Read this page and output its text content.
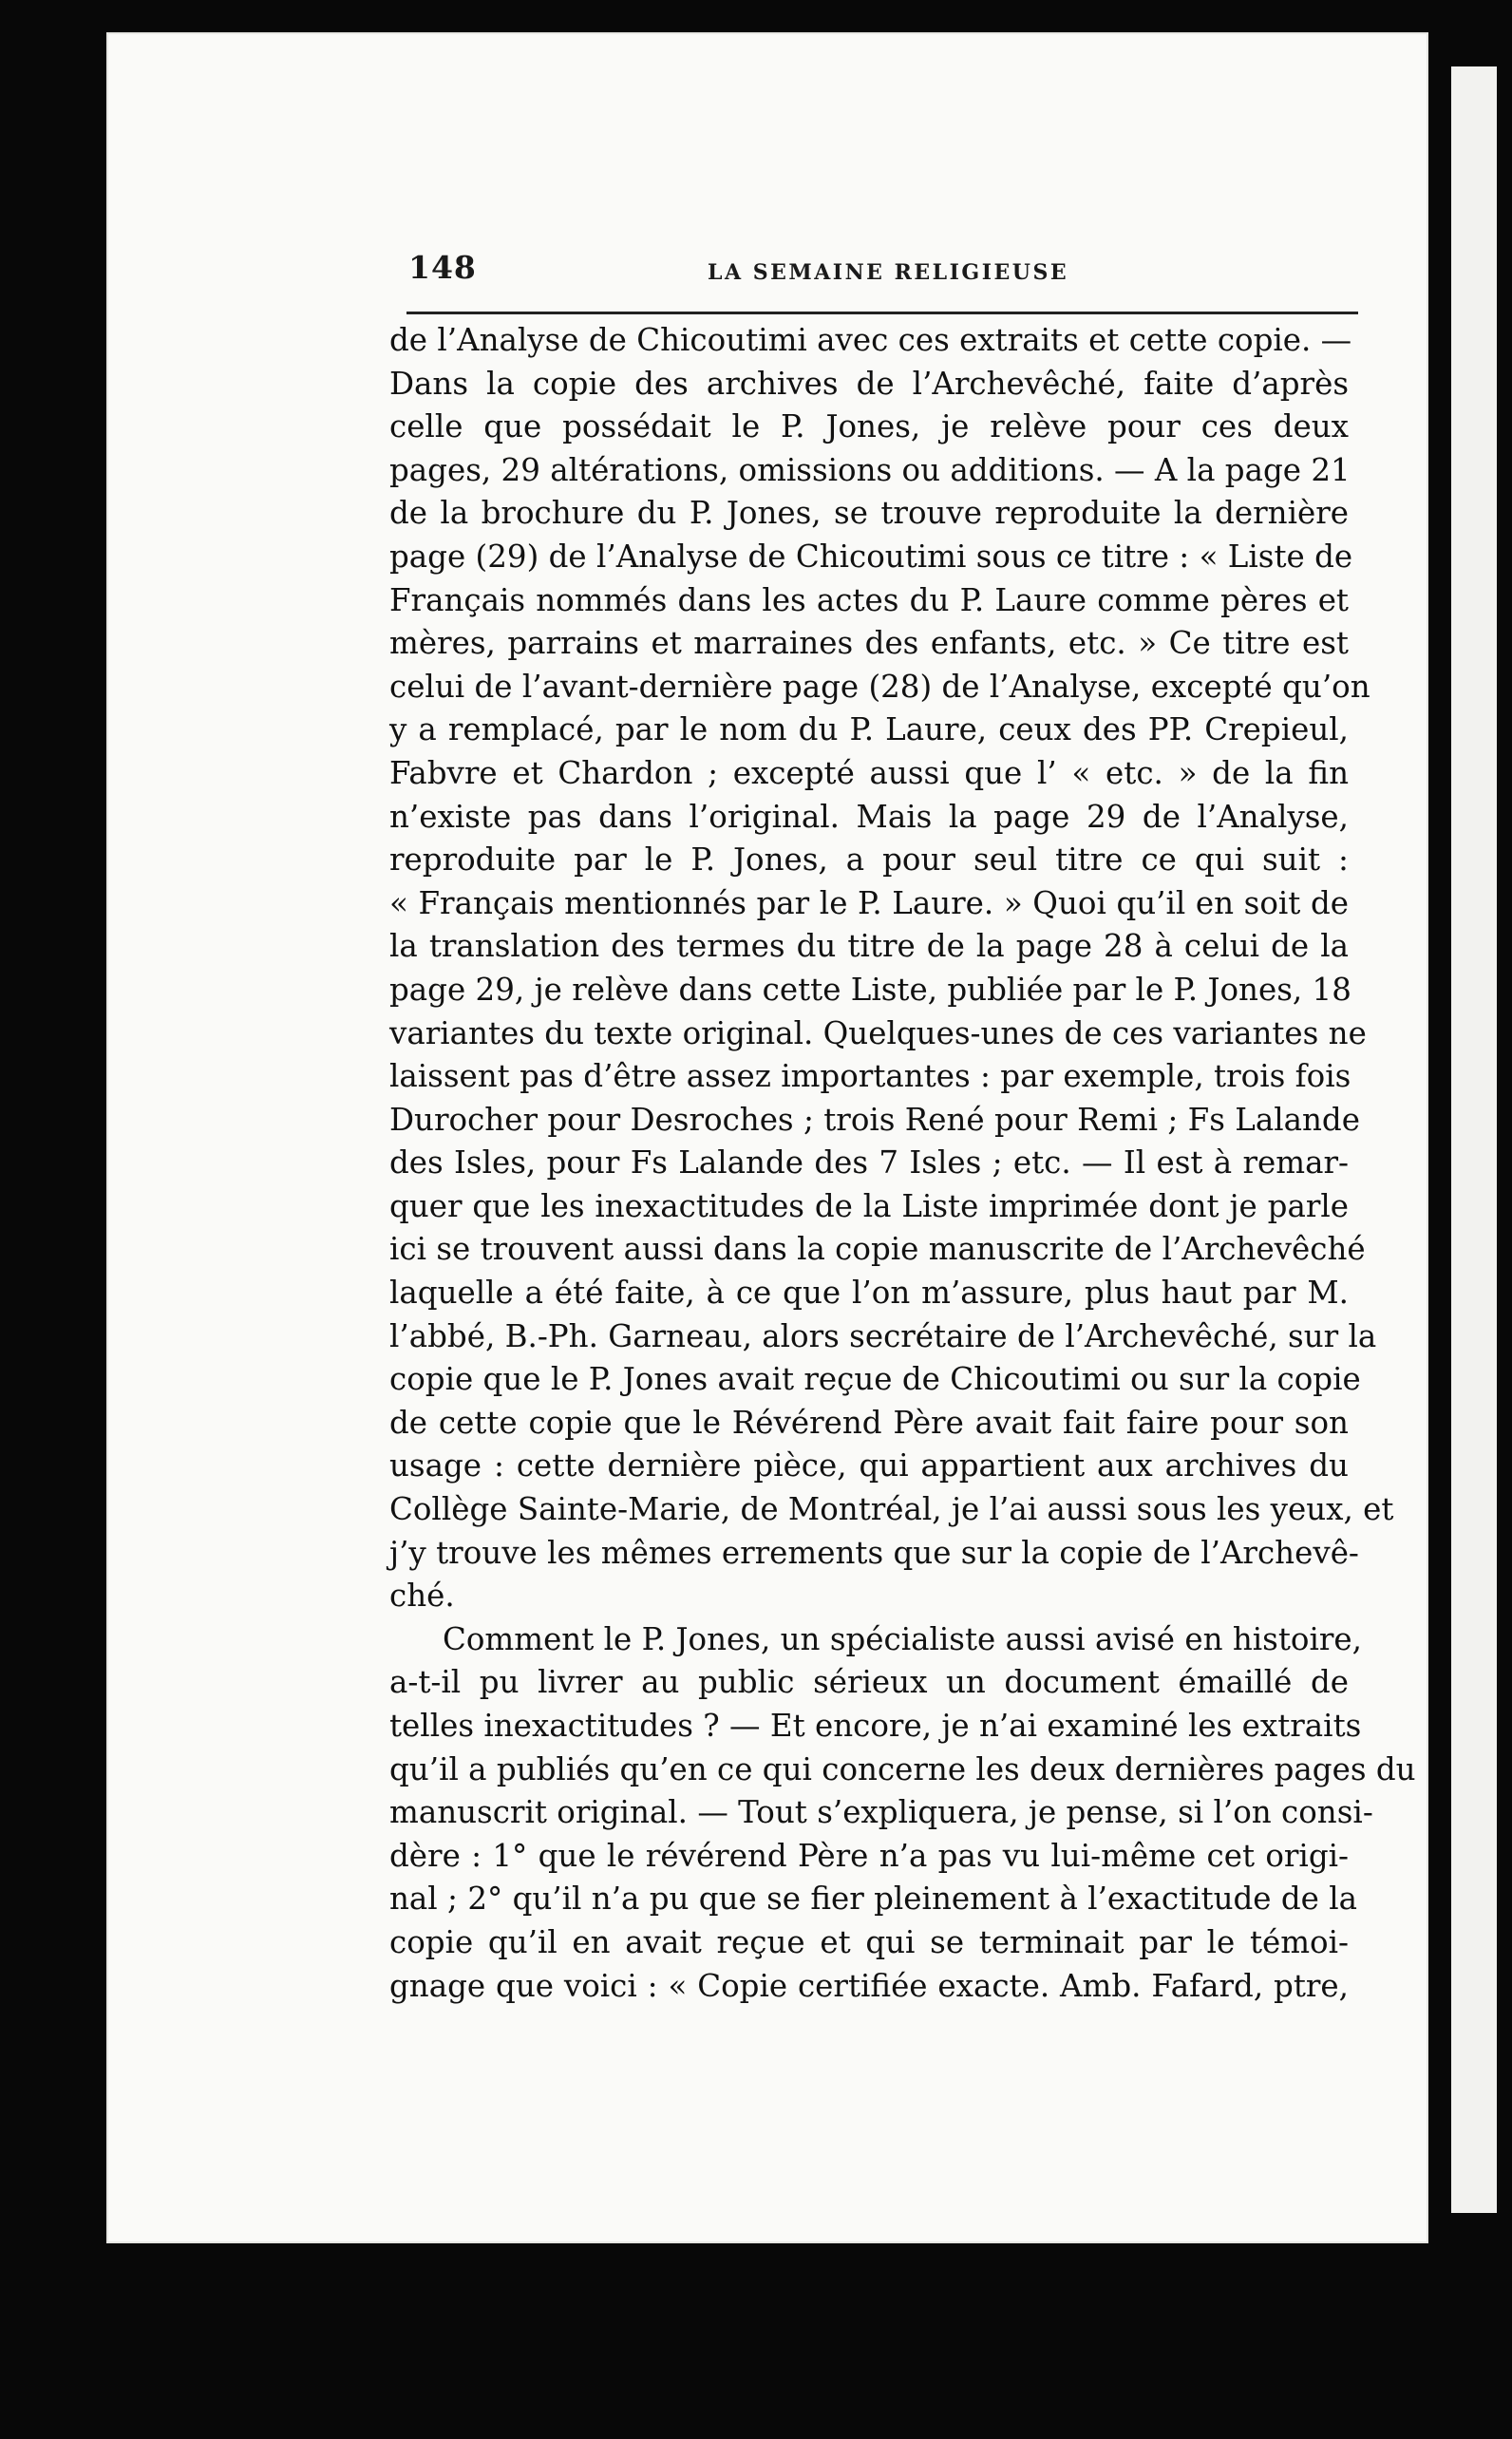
148	LA SEMAINE RELIGIEUSE
de l’Analyse de Chicoutimi avec ces extraits et cette copie. —
Dans la copie des archives de l’Archevêché, faite d’après
celle que possédait le P. Jones, je relève pour ces deux
pages, 29 altérations, omissions ou additions. — A la page 21
de la brochure du P. Jones, se trouve reproduite la dernière
page (29) de l’Analyse de Chicoutimi sous ce titre : « Liste de
Français nommés dans les actes du P. Laure comme pères et
mères, parrains et marraines des enfants, etc. » Ce titre est
celui de l’avant-dernière page (28) de l’Analyse, excepté qu’on
y a remplacé, par le nom du P. Laure, ceux des PP. Crepieul,
Fabvre et Chardon ; excepté aussi que l’ « etc. » de la fin
n’existe pas dans l’original. Mais la page 29 de l’Analyse,
reproduite par le P. Jones, a pour seul titre ce qui suit :
« Français mentionnés par le P. Laure. » Quoi qu’il en soit de
la translation des termes du titre de la page 28 à celui de la
page 29, je relève dans cette Liste, publiée par le P. Jones, 18
variantes du texte original. Quelques-unes de ces variantes ne
laissent pas d’être assez importantes : par exemple, trois fois
Durocher pour Desroches ; trois René pour Remi ; Fs Lalande
des Isles, pour Fs Lalande des 7 Isles ; etc. — Il est à remar-
quer que les inexactitudes de la Liste imprimée dont je parle
ici se trouvent aussi dans la copie manuscrite de l’Archevêché
laquelle a été faite, à ce que l’on m’assure, plus haut par M.
l’abbé, B.-Ph. Garneau, alors secrétaire de l’Archevêché, sur la
copie que le P. Jones avait reçue de Chicoutimi ou sur la copie
de cette copie que le Révérend Père avait fait faire pour son
usage : cette dernière pièce, qui appartient aux archives du
Collège Sainte-Marie, de Montréal, je l’ai aussi sous les yeux, et
j’y trouve les mêmes errements que sur la copie de l’Archevê-
ché.
Comment le P. Jones, un spécialiste aussi avisé en histoire,
a-t-il pu livrer au public sérieux un document émaillé de
telles inexactitudes ? — Et encore, je n’ai examiné les extraits
qu’il a publiés qu’en ce qui concerne les deux dernières pages du
manuscrit original. — Tout s’expliquera, je pense, si l’on consi-
dère : 1° que le révérend Père n’a pas vu lui-même cet origi-
nal ; 2° qu’il n’a pu que se fier pleinement à l’exactitude de la
copie qu’il en avait reçue et qui se terminait par le témoi-
gnage que voici : « Copie certifiée exacte. Amb. Fafard, ptre,
